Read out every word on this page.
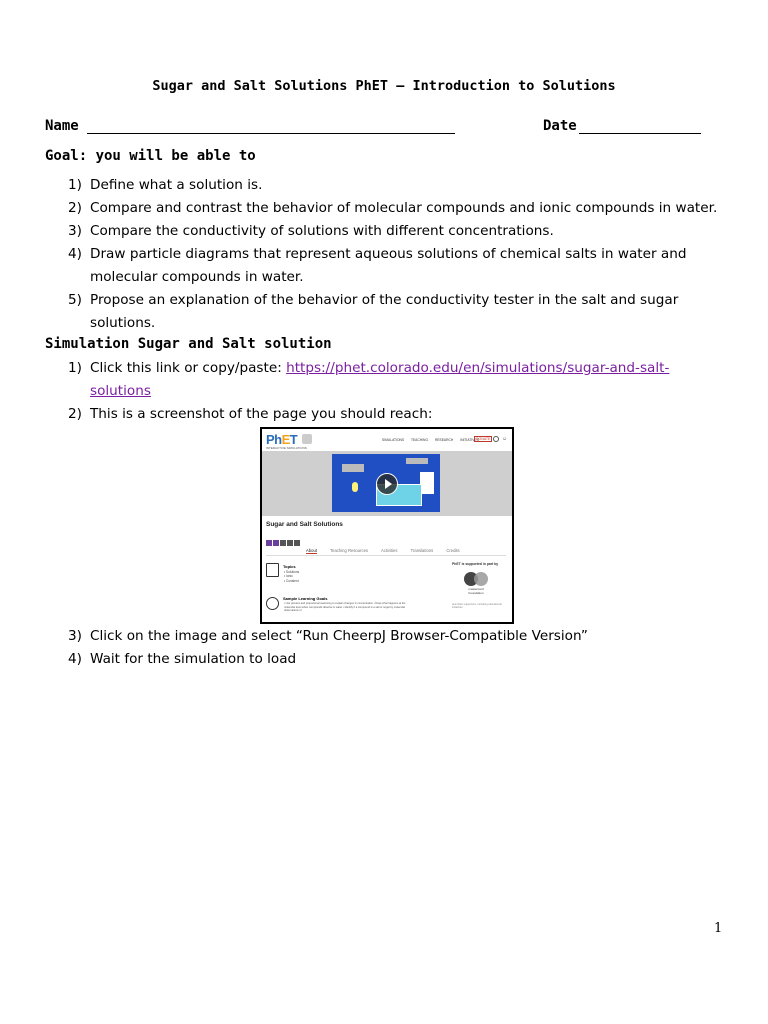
Sugar and Salt Solutions PhET – Introduction to Solutions
Name	Date
Goal: you will be able to
1) Define what a solution is.
2) Compare and contrast the behavior of molecular compounds and ionic compounds in water.
3) Compare the conductivity of solutions with different concentrations.
4) Draw particle diagrams that represent aqueous solutions of chemical salts in water and molecular compounds in water.
5) Propose an explanation of the behavior of the conductivity tester in the salt and sugar solutions.
Simulation Sugar and Salt solution
1) Click this link or copy/paste: https://phet.colorado.edu/en/simulations/sugar-and-salt-solutions
2) This is a screenshot of the page you should reach:
PhET
INTERACTIVE SIMULATIONS
SIMULATIONS TEACHING RESEARCH INITIATIVES
DONATE	☺
Sugar and Salt Solutions
About	Teaching Resources	Activities	Translations	Credits
Topics
• Solutions
• Ionic
• Covalent
Sample Learning Goals
• Use pictures and proportional reasoning to explain changes in concentration • Draw what happens at the molecular level when compounds dissolve in water • Identify if a compound is a salt or sugar by molecular observations or
PhET is supported in part by
mastercard Foundation
and other supporters, including educational initiatives
3) Click on the image and select “Run CheerpJ Browser-Compatible Version”
4) Wait for the simulation to load
1
